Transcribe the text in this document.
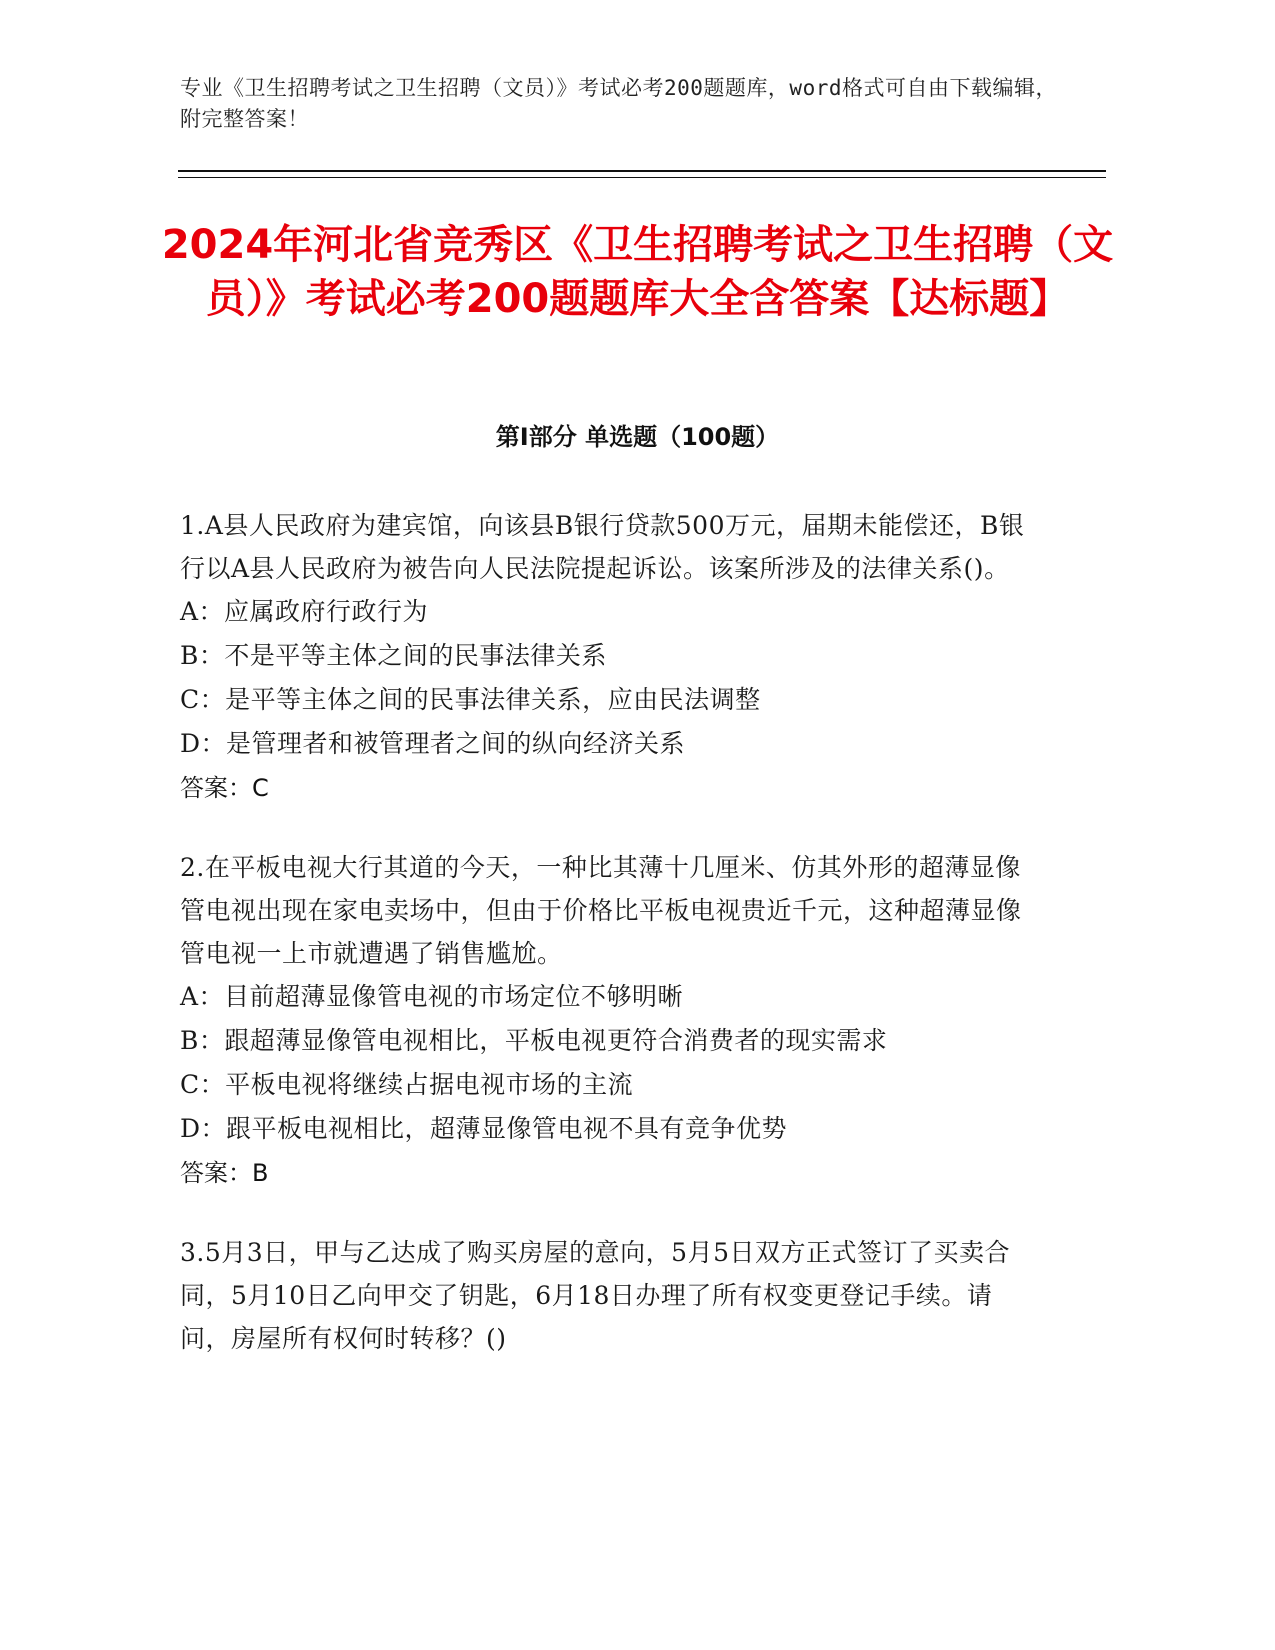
专业《卫生招聘考试之卫生招聘（文员）》考试必考200题题库，word格式可自由下载编辑，附完整答案！
2024年河北省竞秀区《卫生招聘考试之卫生招聘（文员）》考试必考200题题库大全含答案【达标题】
第Ⅰ部分 单选题（100题）

1.A县人民政府为建宾馆，向该县B银行贷款500万元，届期未能偿还，B银行以A县人民政府为被告向人民法院提起诉讼。该案所涉及的法律关系()。

A：应属政府行政行为

B：不是平等主体之间的民事法律关系

C：是平等主体之间的民事法律关系，应由民法调整

D：是管理者和被管理者之间的纵向经济关系

答案：C

2.在平板电视大行其道的今天，一种比其薄十几厘米、仿其外形的超薄显像管电视出现在家电卖场中，但由于价格比平板电视贵近千元，这种超薄显像管电视一上市就遭遇了销售尴尬。

A：目前超薄显像管电视的市场定位不够明晰

B：跟超薄显像管电视相比，平板电视更符合消费者的现实需求

C：平板电视将继续占据电视市场的主流

D：跟平板电视相比，超薄显像管电视不具有竞争优势

答案：B

3.5月3日，甲与乙达成了购买房屋的意向，5月5日双方正式签订了买卖合同，5月10日乙向甲交了钥匙，6月18日办理了所有权变更登记手续。请问，房屋所有权何时转移？()
